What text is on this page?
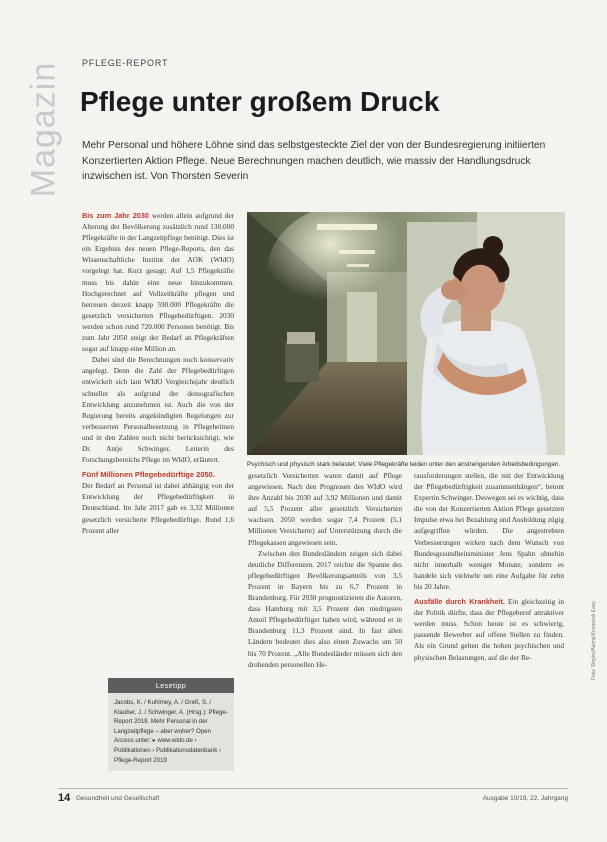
Magazin PFLEGE-REPORT
Pflege unter großem Druck
Mehr Personal und höhere Löhne sind das selbstgesteckte Ziel der von der Bundesregierung initiierten Konzertierten Aktion Pflege. Neue Berechnungen machen deutlich, wie massiv der Handlungsdruck inzwischen ist. Von Thorsten Severin

Bis zum Jahr 2030 werden allein aufgrund der Alterung der Bevölkerung zusätzlich rund 130.000 Pflegekräfte in der Langzeitpflege benötigt. Dies ist ein Ergebnis des neuen Pflege-Reports, den das Wissenschaftliche Institut der AOK (WIdO) vorgelegt hat. Kurz gesagt: Auf 1,5 Pflegekräfte muss bis dahin eine neue hinzukommen. Hochgerechnet auf Vollzeitkräfte pflegen und betreuen derzeit knapp 590.000 Pflegekräfte die gesetzlich versicherten Pflegebedürftigen. 2030 werden schon rund 720.000 Personen benötigt. Bis zum Jahr 2050 steigt der Bedarf an Pflegekräften sogar auf knapp eine Million an.

Dabei sind die Berechnungen noch konservativ angelegt. Denn die Zahl der Pflegebedürftigen entwickelt sich laut WIdO Vergleichsjahr deutlich schneller als aufgrund der demografischen Entwicklung anzunehmen ist. Auch die von der Regierung bereits angekündigten Regelungen zur verbesserten Personalbesetzung in Pflegeheimen und in den Zahlen noch nicht berücksichtigt, wie Dr. Antje Schwinger, Leiterin des Forschungsbereichs Pflege im WIdO, erläutert.

Fünf Millionen Pflegebedürftige 2050.

Der Bedarf an Personal ist dabei abhängig von der Entwicklung der Pflegebedürftigkeit in Deutschland. Im Jahr 2017 gab es 3,32 Millionen gesetzlich versicherte Pflegebedürftige. Rund 1,6 Prozent aller

Lesetipp
Jacobs, K. / Kuhlmey, A. / Greß, S. / Klauber, J. / Schwinger, A. (Hrsg.): Pflege-Report 2019. Mehr Personal in der Langzeitpflege – aber woher? Open Access unter: ▸ www.wido.de › Publikationen › Publikationsdatenbank › Pflege-Report 2019
Psychisch und physisch stark belastet: Viele Pflegekräfte leiden unter den anstrengenden Arbeitsbedingungen.
Foto: Stoyko/Alamy/Kinopoisk Eazy

gesetzlich Versicherten waren damit auf Pflege angewiesen. Nach den Prognosen des WIdO wird ihre Anzahl bis 2030 auf 3,92 Millionen und damit auf 5,5 Prozent aller gesetzlich Versicherten wachsen. 2050 werden sogar 7,4 Prozent (5,1 Millionen Versicherte) auf Unterstützung durch die Pflegekassen angewiesen sein.

Zwischen den Bundesländern zeigen sich dabei deutliche Differenzen. 2017 reichte die Spanne des pflegebedürftigen Bevölkerungsanteils von 3,5 Prozent in Bayern bis zu 6,7 Prozent in Brandenburg. Für 2030 prognostizieren die Autoren, dass Hamburg mit 3,5 Prozent den niedrigsten Anteil Pflegebedürftiger haben wird, während er in Brandenburg 11,3 Prozent sind. In fast allen Ländern bedeutet dies also einen Zuwachs um 50 bis 70 Prozent. „Alle Bundesländer müssen sich den drohenden personellen He-

rausforderungen stellen, die mit der Entwicklung der Pflegebedürftigkeit zusammenhängen“, betont Expertin Schwinger. Deswegen sei es wichtig, dass die von der Konzertierten Aktion Pflege gesetzten Impulse etwa bei Bezahlung und Ausbildung zügig aufgegriffen würden. Die angestrebten Verbesserungen wirken nach dem Wunsch von Bundesgesundheitsminister Jens Spahn ohnehin nicht innerhalb weniger Monate, sondern es handele sich vielmehr um eine Aufgabe für zehn bis 20 Jahre.

Ausfälle durch Krankheit. Ein gleichzeitig in der Politik dürfte, dass der Pflegeberuf attraktiver werden muss. Schon heute ist es schwierig, passende Bewerber auf offene Stellen zu finden. Als ein Grund gelten die hohen psychischen und physischen Belastungen, auf die der Re-

14 Gesundheit und Gesellschaft	Ausgabe 10/19, 22. Jahrgang
